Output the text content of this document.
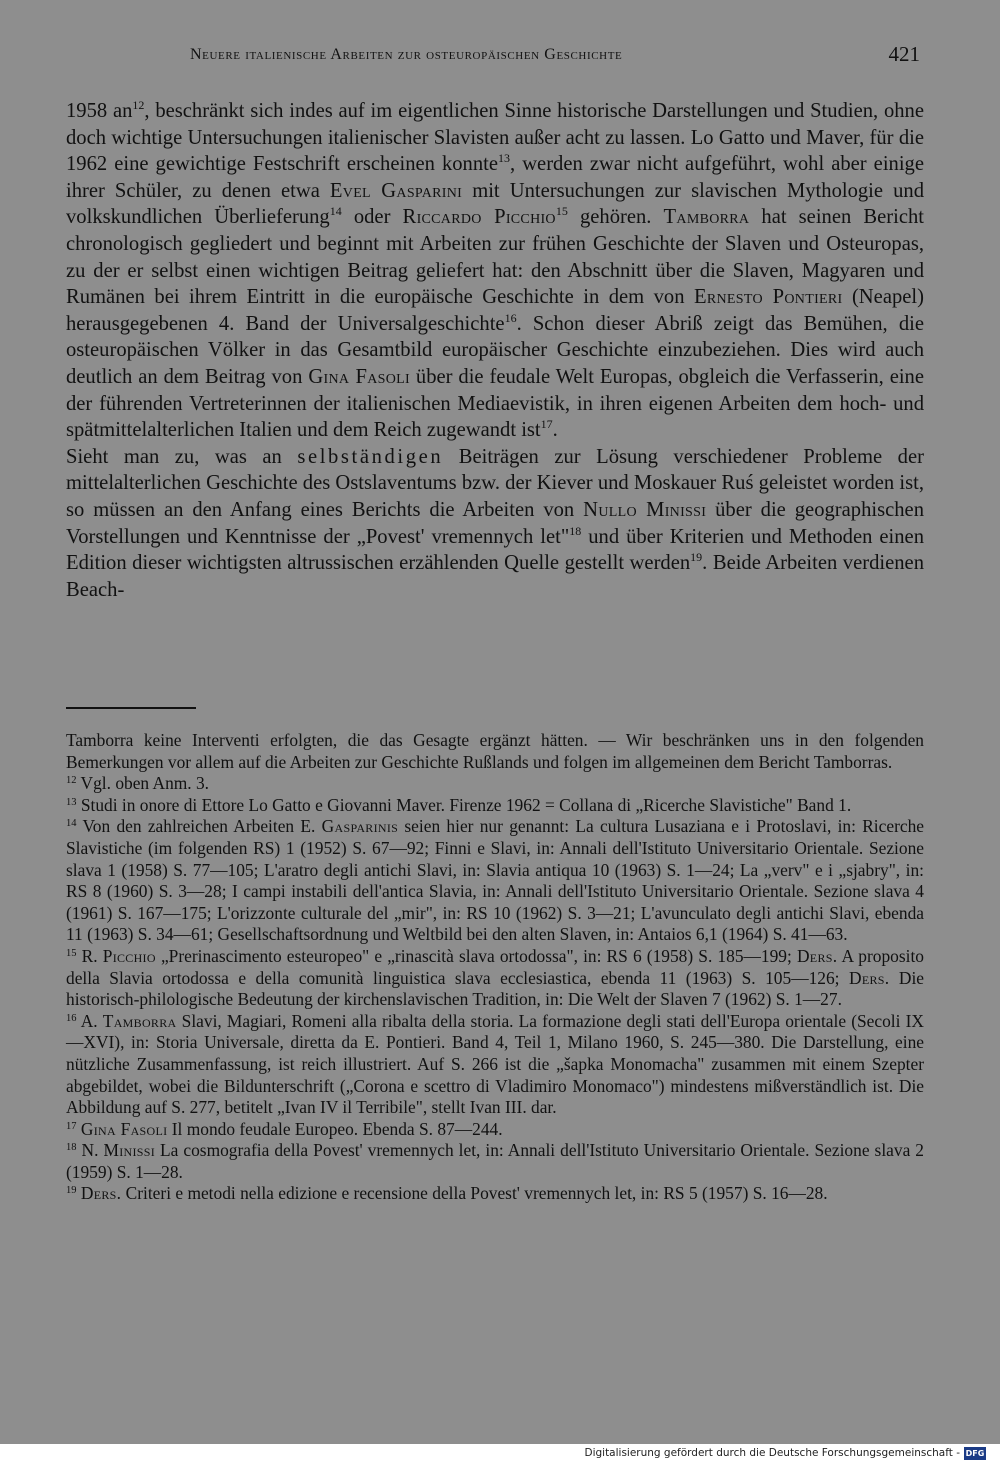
Neuere italienische Arbeiten zur osteuropäischen Geschichte	421

1958 $an^{12}$, beschränkt sich indes auf im eigentlichen Sinne historische Darstellungen und Studien, ohne doch wichtige Untersuchungen italienischer Slavisten außer acht zu lassen. Lo Gatto und Maver, für die 1962 eine gewichtige Festschrift erscheinen konnte$^{13}$, werden zwar nicht aufgeführt, wohl aber einige ihrer Schüler, zu denen etwa Evel Gasparini mit Untersuchungen zur slavischen Mythologie und volkskundlichen Überlieferung$^{14}$ oder Riccardo Picchio$^{15}$ gehören. Tamborra hat seinen Bericht chronologisch gegliedert und beginnt mit Arbeiten zur frühen Geschichte der Slaven und Osteuropas, zu der er selbst einen wichtigen Beitrag geliefert hat: den Abschnitt über die Slaven, Magyaren und Rumänen bei ihrem Eintritt in die europäische Geschichte in dem von Ernesto Pontieri (Neapel) herausgegebenen 4. Band der Universalgeschichte$^{16}$. Schon dieser Abriß zeigt das Bemühen, die osteuropäischen Völker in das Gesamtbild europäischer Geschichte einzubeziehen. Dies wird auch deutlich an dem Beitrag von Gina Fasoli über die feudale Welt Europas, obgleich die Verfasserin, eine der führenden Vertreterinnen der italienischen Mediaevistik, in ihren eigenen Arbeiten dem hoch- und spätmittelalterlichen Italien und dem Reich zugewandt ist$^{17}$.

Sieht man zu, was an selbständigen Beiträgen zur Lösung verschiedener Probleme der mittelalterlichen Geschichte des Ostslaventums bzw. der Kiever und Moskauer Ruś geleistet worden ist, so müssen an den Anfang eines Berichts die Arbeiten von Nullo Minissi über die geographischen Vorstellungen und Kenntnisse der „Povest' vremennych let"$^{18}$ und über Kriterien und Methoden einen Edition dieser wichtigsten altrussischen erzählenden Quelle gestellt werden$^{19}$. Beide Arbeiten verdienen Beach-

Tamborra keine Interventi erfolgten, die das Gesagte ergänzt hätten. — Wir beschränken uns in den folgenden Bemerkungen vor allem auf die Arbeiten zur Geschichte Rußlands und folgen im allgemeinen dem Bericht Tamborras.

$^{12}$ Vgl. oben Anm. 3.

$^{13}$ Studi in onore di Ettore Lo Gatto e Giovanni Maver. Firenze 1962 = Collana di „Ricerche Slavistiche" Band 1.

$^{14}$ Von den zahlreichen Arbeiten E. Gasparinis seien hier nur genannt: La cultura Lusaziana e i Protoslavi, in: Ricerche Slavistiche (im folgenden RS) 1 (1952) S. 67—92; Finni e Slavi, in: Annali dell'Istituto Universitario Orientale. Sezione slava 1 (1958) S. 77—105; L'aratro degli antichi Slavi, in: Slavia antiqua 10 (1963) S. 1—24; La „verv" e i „sjabry", in: RS 8 (1960) S. 3—28; I campi instabili dell'antica Slavia, in: Annali dell'Istituto Universitario Orientale. Sezione slava 4 (1961) S. 167—175; L'orizzonte culturale del „mir", in: RS 10 (1962) S. 3—21; L'avunculato degli antichi Slavi, ebenda 11 (1963) S. 34—61; Gesellschaftsordnung und Weltbild bei den alten Slaven, in: Antaios 6,1 (1964) S. 41—63.

$^{15}$ R. Picchio „Prerinascimento esteuropeo" e „rinascità slava ortodossa", in: RS 6 (1958) S. 185—199; Ders. A proposito della Slavia ortodossa e della comunità linguistica slava ecclesiastica, ebenda 11 (1963) S. 105—126; Ders. Die historisch-philologische Bedeutung der kirchenslavischen Tradition, in: Die Welt der Slaven 7 (1962) S. 1—27.

$^{16}$ A. Tamborra Slavi, Magiari, Romeni alla ribalta della storia. La formazione degli stati dell'Europa orientale (Secoli IX—XVI), in: Storia Universale, diretta da E. Pontieri. Band 4, Teil 1, Milano 1960, S. 245—380. Die Darstellung, eine nützliche Zusammenfassung, ist reich illustriert. Auf S. 266 ist die „šapka Monomacha" zusammen mit einem Szepter abgebildet, wobei die Bildunterschrift („Corona e scettro di Vladimiro Monomaco") mindestens mißverständlich ist. Die Abbildung auf S. 277, betitelt „Ivan IV il Terribile", stellt Ivan III. dar.

$^{17}$ Gina Fasoli Il mondo feudale Europeo. Ebenda S. 87—244.

$^{18}$ N. Minissi La cosmografia della Povest' vremennych let, in: Annali dell'Istituto Universitario Orientale. Sezione slava 2 (1959) S. 1—28.

$^{19}$ Ders. Criteri e metodi nella edizione e recensione della Povest' vremennych let, in: RS 5 (1957) S. 16—28.

Digitalisierung gefördert durch die Deutsche Forschungsgemeinschaft - DFG
